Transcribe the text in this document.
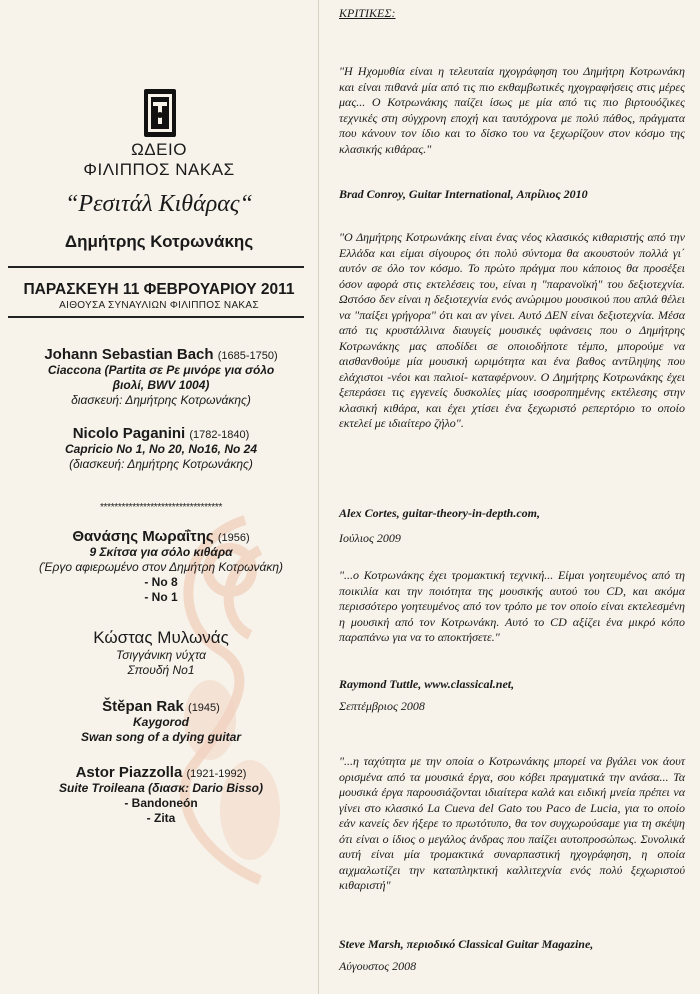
ΩΔΕΙΟ
ΦΙΛΙΠΠΟΣ ΝΑΚΑΣ
“Ρεσιτάλ Κιθάρας“
Δημήτρης Κοτρωνάκης
ΠΑΡΑΣΚΕΥΗ 11 ΦΕΒΡΟΥΑΡΙΟΥ 2011
ΑΙΘΟΥΣΑ ΣΥΝΑΥΛΙΩΝ ΦΙΛΙΠΠΟΣ ΝΑΚΑΣ
Johann Sebastian Bach (1685-1750)
Ciaccona (Partita σε Ρε μινόρε για σόλο
βιολί, BWV 1004)
διασκευή: Δημήτρης Κοτρωνάκης)
Nicolo Paganini (1782-1840)
Capricio No 1, No 20, No16, No 24
(διασκευή: Δημήτρης Κοτρωνάκης)
**********************************
Θανάσης Μωραΐτης (1956)
9 Σκίτσα για σόλο κιθάρα
(Έργο αφιερωμένο στον Δημήτρη Κοτρωνάκη)
- No 8
- No 1
Κώστας Μυλωνάς
Τσιγγάνικη νύχτα
Σπουδή No1
Štěpan Rak (1945)
Kaygorod
Swan song of a dying guitar
Astor Piazzolla (1921-1992)
Suite Troileana (διασκ: Dario Bisso)
- Bandoneón
- Zita
ΚΡΙΤΙΚΕΣ:
"Η Ηχομυθία είναι η τελευταία ηχογράφηση του Δημήτρη Κοτρωνάκη και είναι πιθανά μία από τις πιο εκθαμβωτικές ηχογραφήσεις στις μέρες μας... Ο Κοτρωνάκης παίζει ίσως με μία από τις πιο βιρτουόζικες τεχνικές στη σύγχρονη εποχή και ταυτόχρονα με πολύ πάθος, πράγματα που κάνουν τον ίδιο και το δίσκο του να ξεχωρίζουν στον κόσμο της κλασικής κιθάρας."
Brad Conroy, Guitar International, Απρίλιος 2010
"Ο Δημήτρης Κοτρωνάκης είναι ένας νέος κλασικός κιθαριστής από την Ελλάδα και είμαι σίγουρος ότι πολύ σύντομα θα ακουστούν πολλά γι΄ αυτόν σε όλο τον κόσμο. Το πρώτο πράγμα που κάποιος θα προσέξει όσον αφορά στις εκτελέσεις του, είναι η "παρανοϊκή" του δεξιοτεχνία. Ωστόσο δεν είναι η δεξιοτεχνία ενός ανώριμου μουσικού που απλά θέλει να "παίξει γρήγορα" ότι και αν γίνει. Αυτό ΔΕΝ είναι δεξιοτεχνία. Μέσα από τις κρυστάλλινα διαυγείς μουσικές υφάνσεις που ο Δημήτρης Κοτρωνάκης μας αποδίδει σε οποιοδήποτε τέμπο, μπορούμε να αισθανθούμε μία μουσική ωριμότητα και ένα βαθος αντίληψης που ελάχιστοι -νέοι και παλιοί- καταφέρνουν. Ο Δημήτρης Κοτρωνάκης έχει ξεπεράσει τις εγγενείς δυσκολίες μίας ισοσροπημένης εκτέλεσης στην κλασική κιθάρα, και έχει χτίσει ένα ξεχωριστό ρεπερτόριο το οποίο εκτελεί με ιδιαίτερο ζήλο".
Alex Cortes, guitar-theory-in-depth.com,
Ιούλιος 2009
"...ο Κοτρωνάκης έχει τρομακτική τεχνική... Είμαι γοητευμένος από τη ποικιλία και την ποιότητα της μουσικής αυτού του CD, και ακόμα περισσότερο γοητευμένος από τον τρόπο με τον οποίο είναι εκτελεσμένη η μουσική από τον Κοτρωνάκη. Αυτό το CD αξίζει ένα μικρό κόπο παραπάνω για να το αποκτήσετε."
Raymond Tuttle, www.classical.net,
Σεπτέμβριος 2008
"...η ταχύτητα με την οποία ο Κοτρωνάκης μπορεί να βγάλει νοκ άουτ ορισμένα από τα μουσικά έργα, σου κόβει πραγματικά την ανάσα... Τα μουσικά έργα παρουσιάζονται ιδιαίτερα καλά και ειδική μνεία πρέπει να γίνει στο κλασικό La Cueva del Gato του Paco de Lucia, για το οποίο εάν κανείς δεν ήξερε το πρωτότυπο, θα τον συγχωρούσαμε για τη σκέψη ότι είναι ο ίδιος ο μεγάλος άνδρας που παίζει αυτοπροσώπως. Συνολικά αυτή είναι μία τρομακτικά συναρπαστική ηχογράφηση, η οποία αιχμαλωτίζει την καταπληκτική καλλιτεχνία ενός πολύ ξεχωριστού κιθαριστή"
Steve Marsh, περιοδικό Classical Guitar Magazine,
Αύγουστος 2008
